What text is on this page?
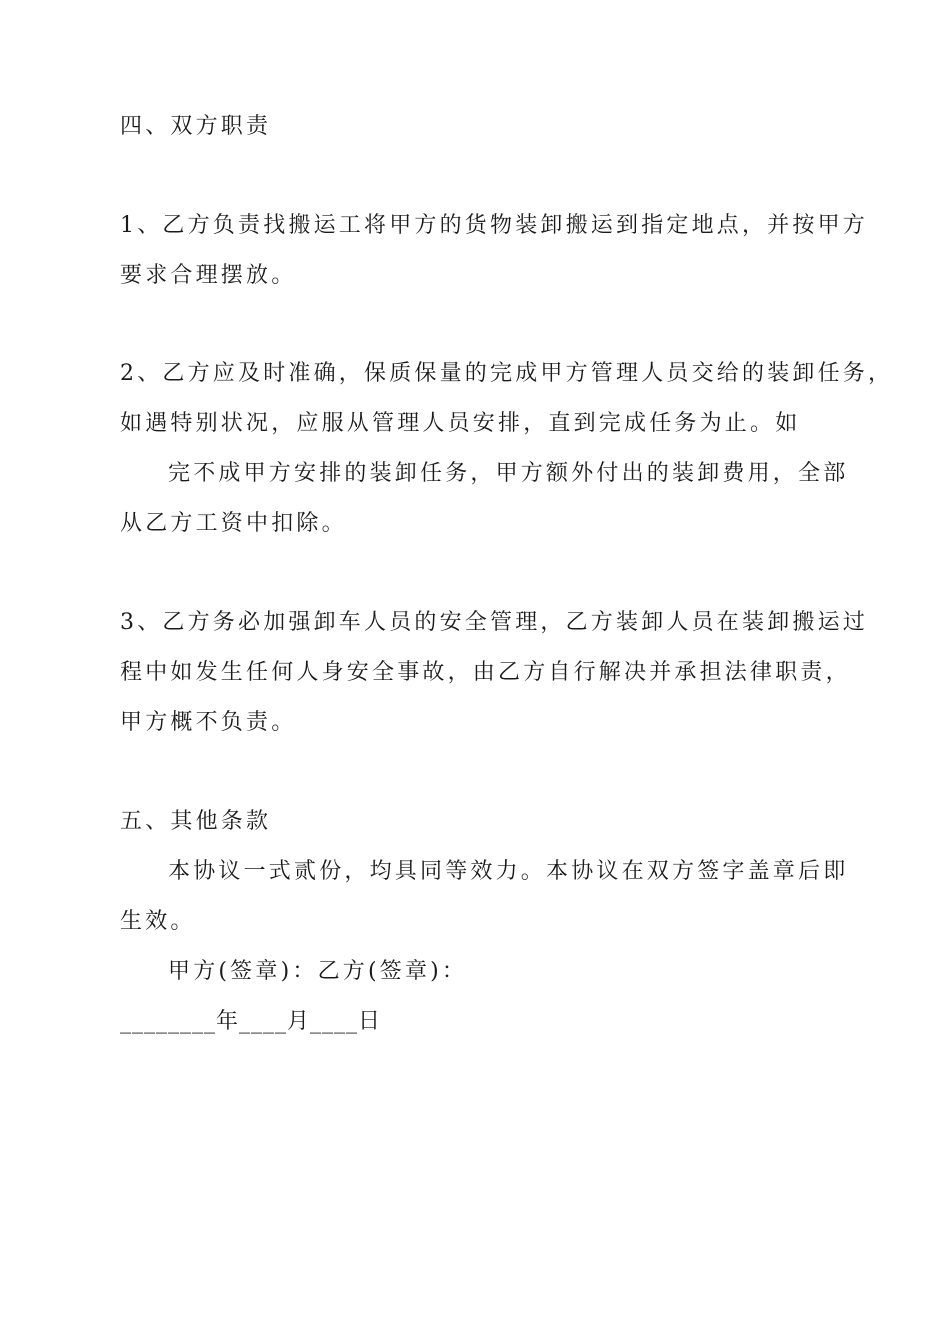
四、双方职责
1、乙方负责找搬运工将甲方的货物装卸搬运到指定地点，并按甲方
要求合理摆放。
2、乙方应及时准确，保质保量的完成甲方管理人员交给的装卸任务，
如遇特别状况，应服从管理人员安排，直到完成任务为止。如
完不成甲方安排的装卸任务，甲方额外付出的装卸费用，全部
从乙方工资中扣除。
3、乙方务必加强卸车人员的安全管理，乙方装卸人员在装卸搬运过
程中如发生任何人身安全事故，由乙方自行解决并承担法律职责，
甲方概不负责。
五、其他条款
本协议一式贰份，均具同等效力。本协议在双方签字盖章后即
生效。
甲方(签章)：乙方(签章)：
________年____月____日
